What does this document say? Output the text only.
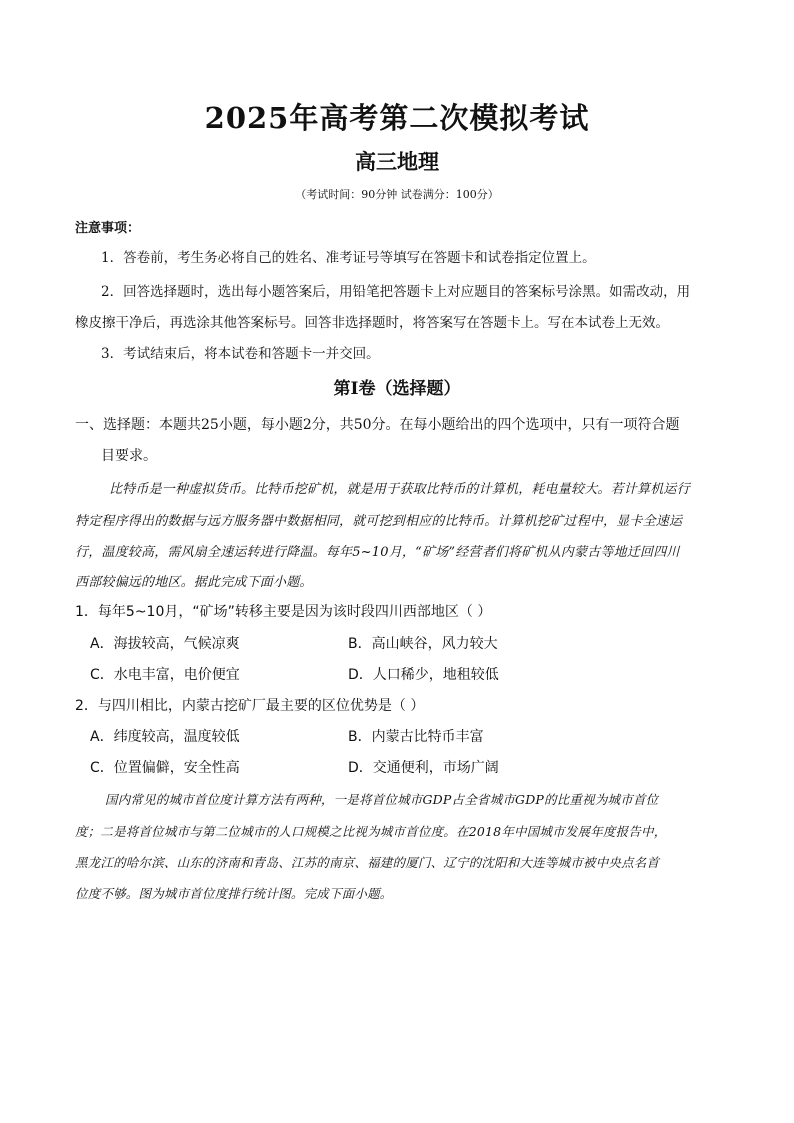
2025年高考第二次模拟考试
高三地理
（考试时间：90分钟 试卷满分：100分）
注意事项：
1．答卷前，考生务必将自己的姓名、准考证号等填写在答题卡和试卷指定位置上。
2．回答选择题时，选出每小题答案后，用铅笔把答题卡上对应题目的答案标号涂黑。如需改动，用
橡皮擦干净后，再选涂其他答案标号。回答非选择题时，将答案写在答题卡上。写在本试卷上无效。
3．考试结束后，将本试卷和答题卡一并交回。
第Ⅰ卷（选择题）
一、选择题：本题共25小题，每小题2分，共50分。在每小题给出的四个选项中，只有一项符合题
目要求。
比特币是一种虚拟货币。比特币挖矿机，就是用于获取比特币的计算机，耗电量较大。若计算机运行
特定程序得出的数据与远方服务器中数据相同，就可挖到相应的比特币。计算机挖矿过程中，显卡全速运
行，温度较高，需风扇全速运转进行降温。每年5~10月，“矿场”经营者们将矿机从内蒙古等地迁回四川
西部较偏远的地区。据此完成下面小题。
1．每年5~10月，“矿场”转移主要是因为该时段四川西部地区（ ）
A．海拔较高，气候凉爽	B．高山峡谷，风力较大
C．水电丰富，电价便宜	D．人口稀少，地租较低
2．与四川相比，内蒙古挖矿厂最主要的区位优势是（ ）
A．纬度较高，温度较低	B．内蒙古比特币丰富
C．位置偏僻，安全性高	D．交通便利，市场广阔
国内常见的城市首位度计算方法有两种，一是将首位城市GDP占全省城市GDP的比重视为城市首位
度；二是将首位城市与第二位城市的人口规模之比视为城市首位度。在2018年中国城市发展年度报告中，
黑龙江的哈尔滨、山东的济南和青岛、江苏的南京、福建的厦门、辽宁的沈阳和大连等城市被中央点名首
位度不够。图为城市首位度排行统计图。完成下面小题。
